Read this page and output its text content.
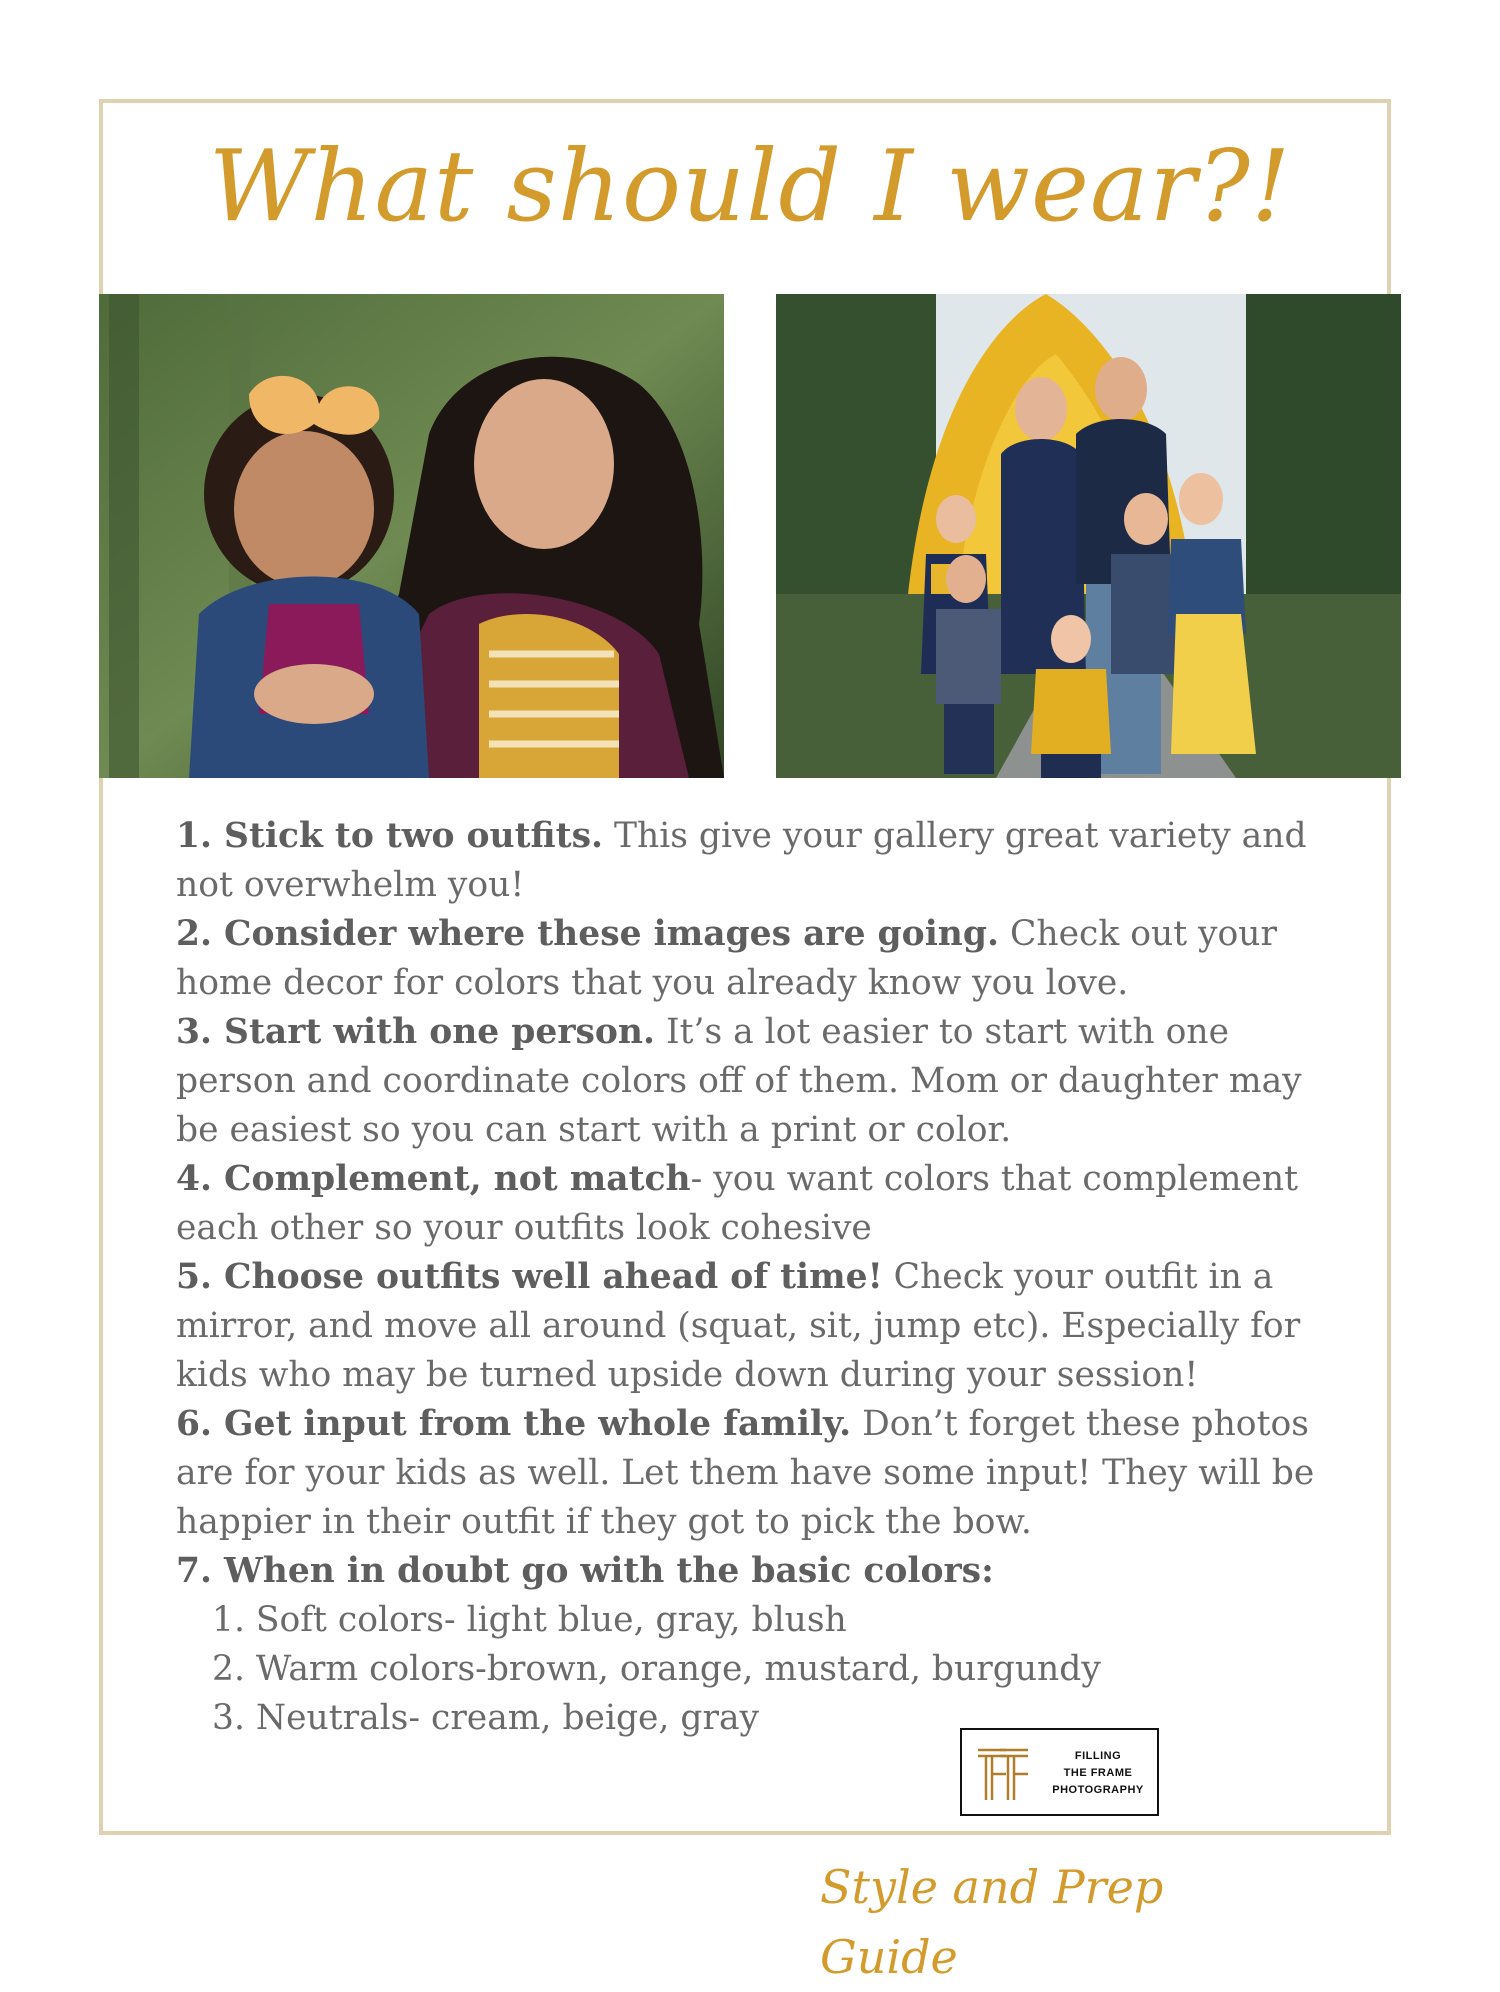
What should I wear?!

1. Stick to two outfits. This give your gallery great variety and not overwhelm you!

2. Consider where these images are going. Check out your home decor for colors that you already know you love.

3. Start with one person. It’s a lot easier to start with one person and coordinate colors off of them. Mom or daughter may be easiest so you can start with a print or color.

4. Complement, not match- you want colors that complement each other so your outfits look cohesive

5. Choose outfits well ahead of time! Check your outfit in a mirror, and move all around (squat, sit, jump etc). Especially for kids who may be turned upside down during your session!

6. Get input from the whole family. Don’t forget these photos are for your kids as well. Let them have some input! They will be happier in their outfit if they got to pick the bow.

7. When in doubt go with the basic colors:

1. Soft colors- light blue, gray, blush
2. Warm colors-brown, orange, mustard, burgundy
3. Neutrals- cream, beige, gray
FILLING
THE FRAME
PHOTOGRAPHY
Style and Prep Guide
